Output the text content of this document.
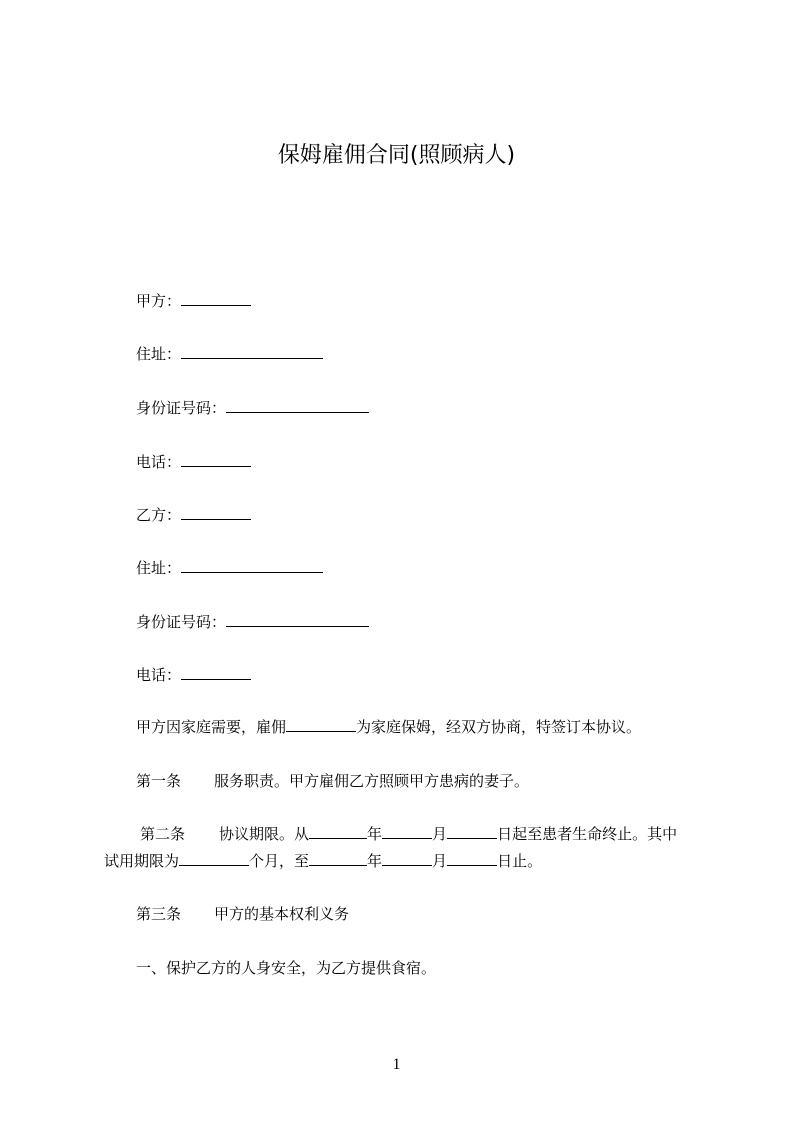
保姆雇佣合同(照顾病人)
甲方：
住址：
身份证号码：
电话：
乙方：
住址：
身份证号码：
电话：
甲方因家庭需要，雇佣	为家庭保姆，经双方协商，特签订本协议。
第一条 服务职责。甲方雇佣乙方照顾甲方患病的妻子。
第二条 协议期限。从	年	月	日起至患者生命终止。其中
试用期限为	个月，至	年	月	日止。
第三条 甲方的基本权利义务
一、保护乙方的人身安全，为乙方提供食宿。
1
